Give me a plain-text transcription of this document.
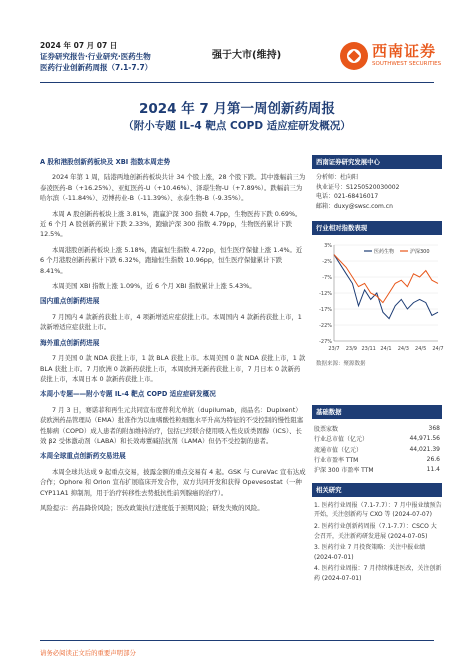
2024 年 07 月 07 日
证券研究报告·行业研究·医药生物
医药行业创新药周报（7.1-7.7）
强于大市(维持)	西南证券
SOUTHWEST SECURITIES
2024 年 7 月第一周创新药周报
（附小专题 IL-4 靶点 COPD 适应症研发概况）
A 股和港股创新药板块及 XBI 指数本周走势
2024 年第 1 周，陆港两地创新药板块共计 34 个股上涨，28 个股下跌。其中涨幅前三为泰凌医药-B（+16.25%）、亚虹医药-U（+10.46%）、泽璟生物-U（+7.89%）。跌幅前三为哈尔滨（-11.84%）、迈博药业-B（-11.39%）、永泰生物-B（-9.35%）。
本周 A 股创新药板块上涨 3.81%，跑赢沪深 300 指数 4.7pp，生物医药下跌 0.69%。近 6 个月 A 股创新药累计下跌 2.33%，跑输沪深 300 指数 4.79pp，生物医药累计下跌 12.5%。
本周港股创新药板块上涨 5.18%，跑赢恒生指数 4.72pp，恒生医疗保健上涨 1.4%。近 6 个月港股创新药累计下跌 6.32%，跑输恒生指数 10.96pp，恒生医疗保健累计下跌 8.41%。
本周美国 XBI 指数上涨 1.09%，近 6 个月 XBI 指数累计上涨 5.43%。
国内重点创新药进展
7 月国内 4 款新药获批上市，4 项新增适应症获批上市。本周国内 4 款新药获批上市，1 款新增适应症获批上市。
海外重点创新药进展
7 月美国 0 款 NDA 获批上市，1 款 BLA 获批上市。本周美国 0 款 NDA 获批上市，1 款 BLA 获批上市。7 月欧洲 0 款新药获批上市，本周欧洲无新药获批上市，7 月日本 0 款新药获批上市，本周日本 0 款新药获批上市。
本周小专题——附小专题 IL-4 靶点 COPD 适应症研发概况
7 月 3 日，赛诺菲和再生元共同宣布度普利尤单抗（dupilumab，商品名：Dupixent）获欧洲药品管理局（EMA）批准作为以血嗜酸性粒细胞水平升高为特征的不受控制的慢性阻塞性肺病（COPD）成人患者的附加维持治疗，包括已经联合使用吸入性皮质类固醇（ICS）、长效 β2 受体激动剂（LABA）和长效毒蕈碱拮抗剂（LAMA）但仍不受控制的患者。
本周全球重点创新药交易进展
本周全球共达成 9 起重点交易，披露金额的重点交易有 4 起。GSK 与 CureVac 宣布达成合作；Ophore 和 Orion 宣布扩展临床开发合作，双方共同开发和获得 Opevesostat（一种 CYP11A1 抑制剂，用于治疗转移性去势抵抗性前列腺癌的治疗）。
风险提示：药品降价风险；医改政策执行进度低于预期风险；研发失败的风险。
西南证券研究发展中心
分析师：杜向阳
执业证号：S1250520030002
电话：021-68416017
邮箱：duxy@swsc.com.cn
行业相对指数表现
3%
-2%
-7%
-12%
-17%
-22%
-27%
23/7 23/9 23/11 24/1 24/3 24/5 24/7
医药生物	沪深300
数据来源：聚源数据
基础数据
股票家数	368
行业总市值（亿元）	44,971.56
流通市值（亿元）	44,021.39
行业市盈率 TTM	26.6
沪深 300 市盈率 TTM	11.4
相关研究
1. 医药行业周报（7.1-7.7）：7 月中报业绩预告开始，关注创新药与 CXO 等 (2024-07-07)
2. 医药行业创新药周报（7.1-7.7）：CSCO 大会召开，关注新药研发进展 (2024-07-05)
3. 医药行业 7 月投资策略：关注中报业绩 (2024-07-01)
4. 医药行业周报：7 月持续推进医改，关注创新药 (2024-07-01)
请务必阅读正文后的重要声明部分
